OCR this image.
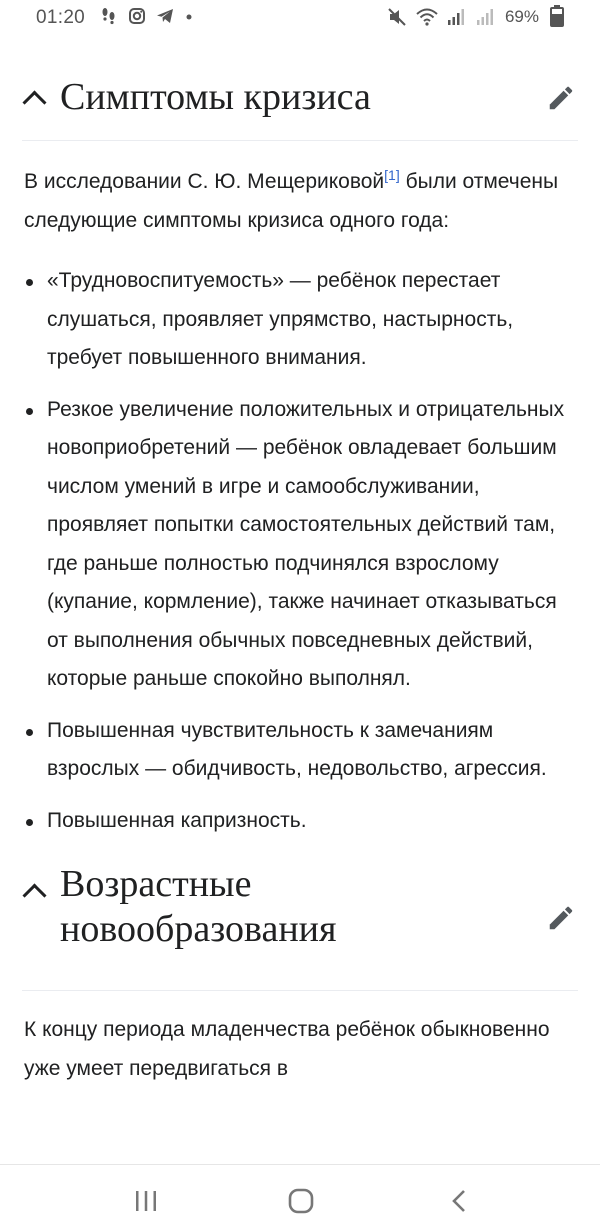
01:20	69%
Симптомы кризиса

В исследовании С. Ю. Мещериковой[1] были отмечены следующие симптомы кризиса одного года:

«Трудновоспитуемость» — ребёнок перестает слушаться, проявляет упрямство, настырность, требует повышенного внимания.
Резкое увеличение положительных и отрицательных новоприобретений — ребёнок овладевает большим числом умений в игре и самообслуживании, проявляет попытки самостоятельных действий там, где раньше полностью подчинялся взрослому (купание, кормление), также начинает отказываться от выполнения обычных повседневных действий, которые раньше спокойно выполнял.
Повышенная чувствительность к замечаниям взрослых — обидчивость, недовольство, агрессия.
Повышенная капризность.
Возрастные
новообразования

К концу периода младенчества ребёнок обыкновенно уже умеет передвигаться в
